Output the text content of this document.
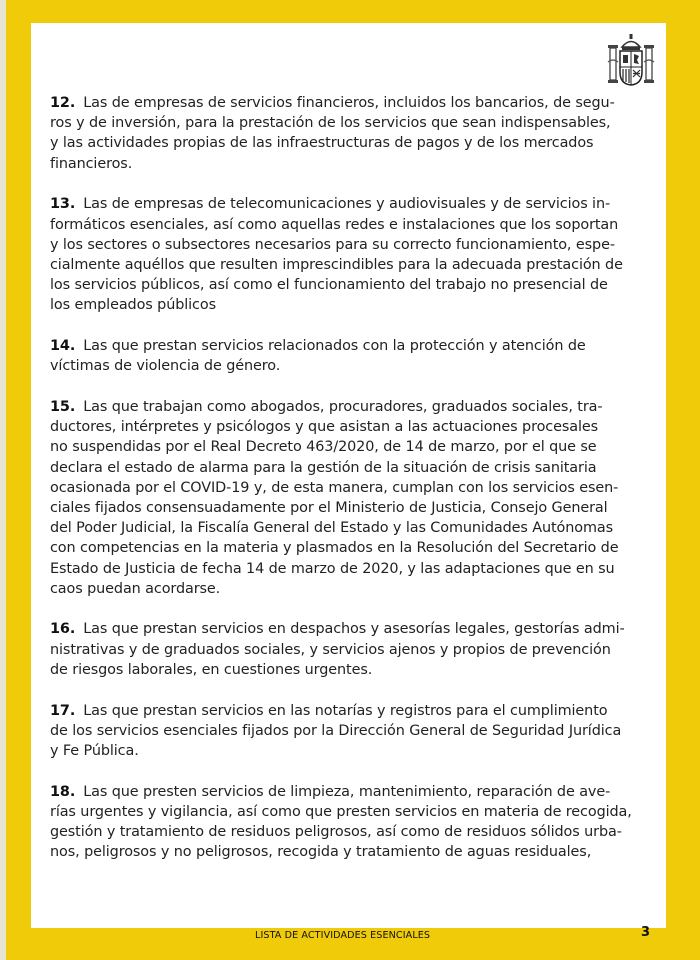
12. Las de empresas de servicios financieros, incluidos los bancarios, de segu-
ros y de inversión, para la prestación de los servicios que sean indispensables,
y las actividades propias de las infraestructuras de pagos y de los mercados
financieros.
13. Las de empresas de telecomunicaciones y audiovisuales y de servicios in-
formáticos esenciales, así como aquellas redes e instalaciones que los soportan
y los sectores o subsectores necesarios para su correcto funcionamiento, espe-
cialmente aquéllos que resulten imprescindibles para la adecuada prestación de
los servicios públicos, así como el funcionamiento del trabajo no presencial de
los empleados públicos
14. Las que prestan servicios relacionados con la protección y atención de
víctimas de violencia de género.
15. Las que trabajan como abogados, procuradores, graduados sociales, tra-
ductores, intérpretes y psicólogos y que asistan a las actuaciones procesales
no suspendidas por el Real Decreto 463/2020, de 14 de marzo, por el que se
declara el estado de alarma para la gestión de la situación de crisis sanitaria
ocasionada por el COVID-19 y, de esta manera, cumplan con los servicios esen-
ciales fijados consensuadamente por el Ministerio de Justicia, Consejo General
del Poder Judicial, la Fiscalía General del Estado y las Comunidades Autónomas
con competencias en la materia y plasmados en la Resolución del Secretario de
Estado de Justicia de fecha 14 de marzo de 2020, y las adaptaciones que en su
caos puedan acordarse.
16. Las que prestan servicios en despachos y asesorías legales, gestorías admi-
nistrativas y de graduados sociales, y servicios ajenos y propios de prevención
de riesgos laborales, en cuestiones urgentes.
17. Las que prestan servicios en las notarías y registros para el cumplimiento
de los servicios esenciales fijados por la Dirección General de Seguridad Jurídica
y Fe Pública.
18. Las que presten servicios de limpieza, mantenimiento, reparación de ave-
rías urgentes y vigilancia, así como que presten servicios en materia de recogida,
gestión y tratamiento de residuos peligrosos, así como de residuos sólidos urba-
nos, peligrosos y no peligrosos, recogida y tratamiento de aguas residuales,
LISTA DE ACTIVIDADES ESENCIALES	3
